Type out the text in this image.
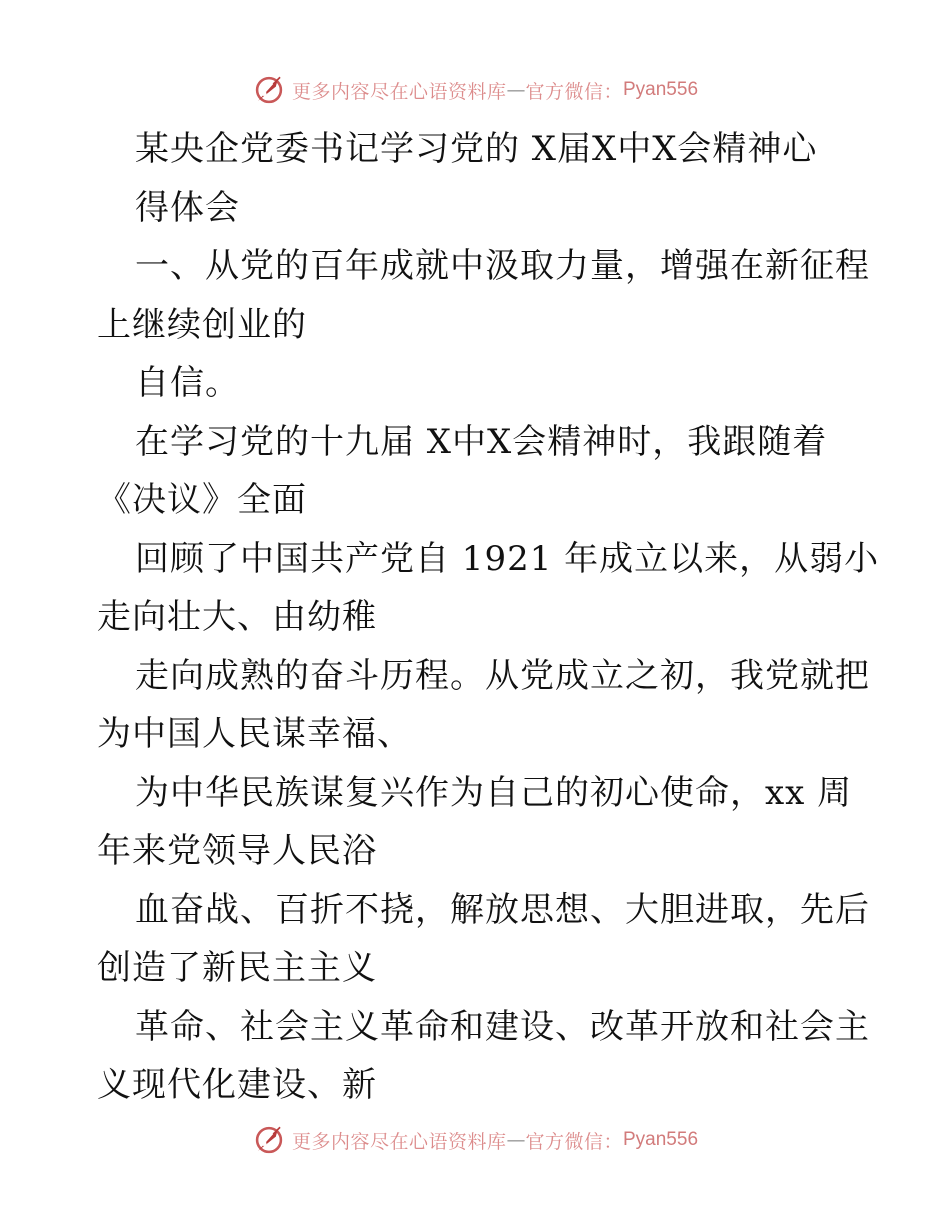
更多内容尽在心语资料库 — 官方微信： Pyan556
某央企党委书记学习党的 X届X中X会精神心
得体会
一、从党的百年成就中汲取力量，增强在新征程
上继续创业的
自信。
在学习党的十九届 X中X会精神时，我跟随着
《决议》全面
回顾了中国共产党自 1921 年成立以来，从弱小
走向壮大、由幼稚
走向成熟的奋斗历程。从党成立之初，我党就把
为中国人民谋幸福、
为中华民族谋复兴作为自己的初心使命，xx 周
年来党领导人民浴
血奋战、百折不挠，解放思想、大胆进取，先后
创造了新民主主义
革命、社会主义革命和建设、改革开放和社会主
义现代化建设、新
更多内容尽在心语资料库 — 官方微信： Pyan556
